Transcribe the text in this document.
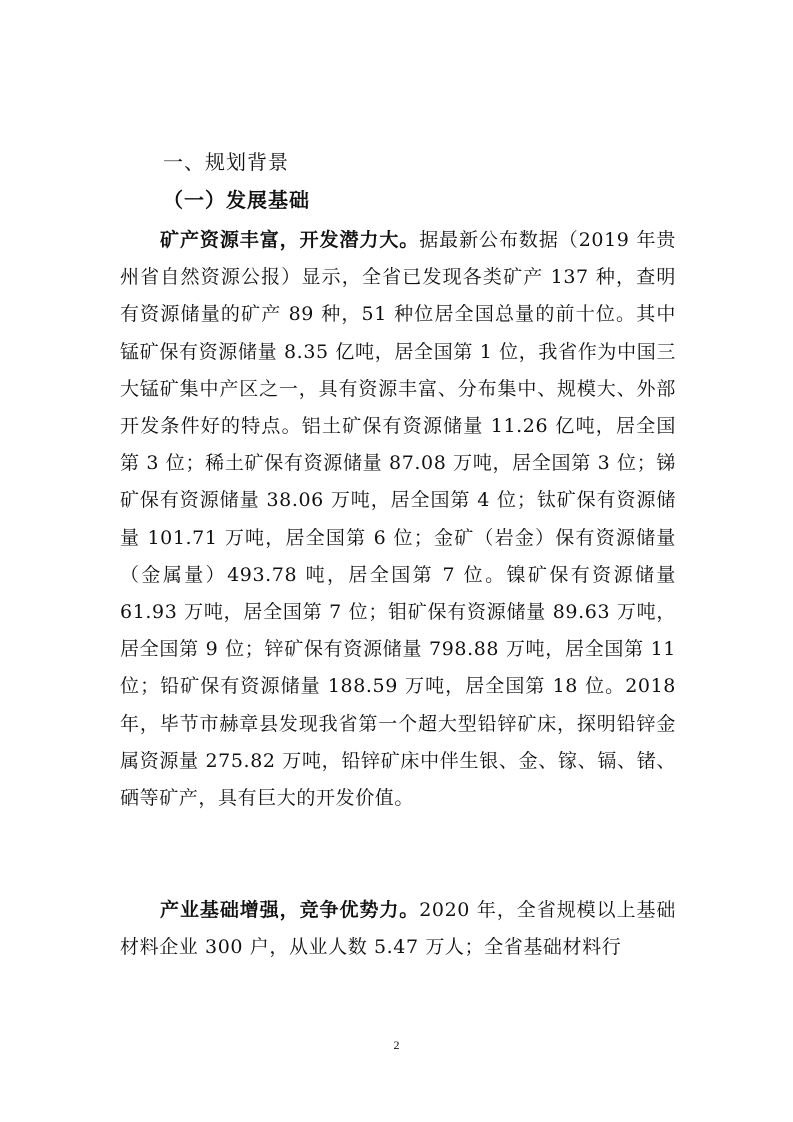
一、规划背景
（一）发展基础

矿产资源丰富，开发潜力大。据最新公布数据（2019 年贵州省自然资源公报）显示，全省已发现各类矿产 137 种，查明有资源储量的矿产 89 种，51 种位居全国总量的前十位。其中锰矿保有资源储量 8.35 亿吨，居全国第 1 位，我省作为中国三大锰矿集中产区之一，具有资源丰富、分布集中、规模大、外部开发条件好的特点。铝土矿保有资源储量 11.26 亿吨，居全国第 3 位；稀土矿保有资源储量 87.08 万吨，居全国第 3 位；锑矿保有资源储量 38.06 万吨，居全国第 4 位；钛矿保有资源储量 101.71 万吨，居全国第 6 位；金矿（岩金）保有资源储量（金属量）493.78 吨，居全国第 7 位。镍矿保有资源储量 61.93 万吨，居全国第 7 位；钼矿保有资源储量 89.63 万吨，居全国第 9 位；锌矿保有资源储量 798.88 万吨，居全国第 11 位；铅矿保有资源储量 188.59 万吨，居全国第 18 位。2018 年，毕节市赫章县发现我省第一个超大型铅锌矿床，探明铅锌金属资源量 275.82 万吨，铅锌矿床中伴生银、金、镓、镉、锗、硒等矿产，具有巨大的开发价值。

产业基础增强，竞争优势力。2020 年，全省规模以上基础材料企业 300 户，从业人数 5.47 万人；全省基础材料行

2
